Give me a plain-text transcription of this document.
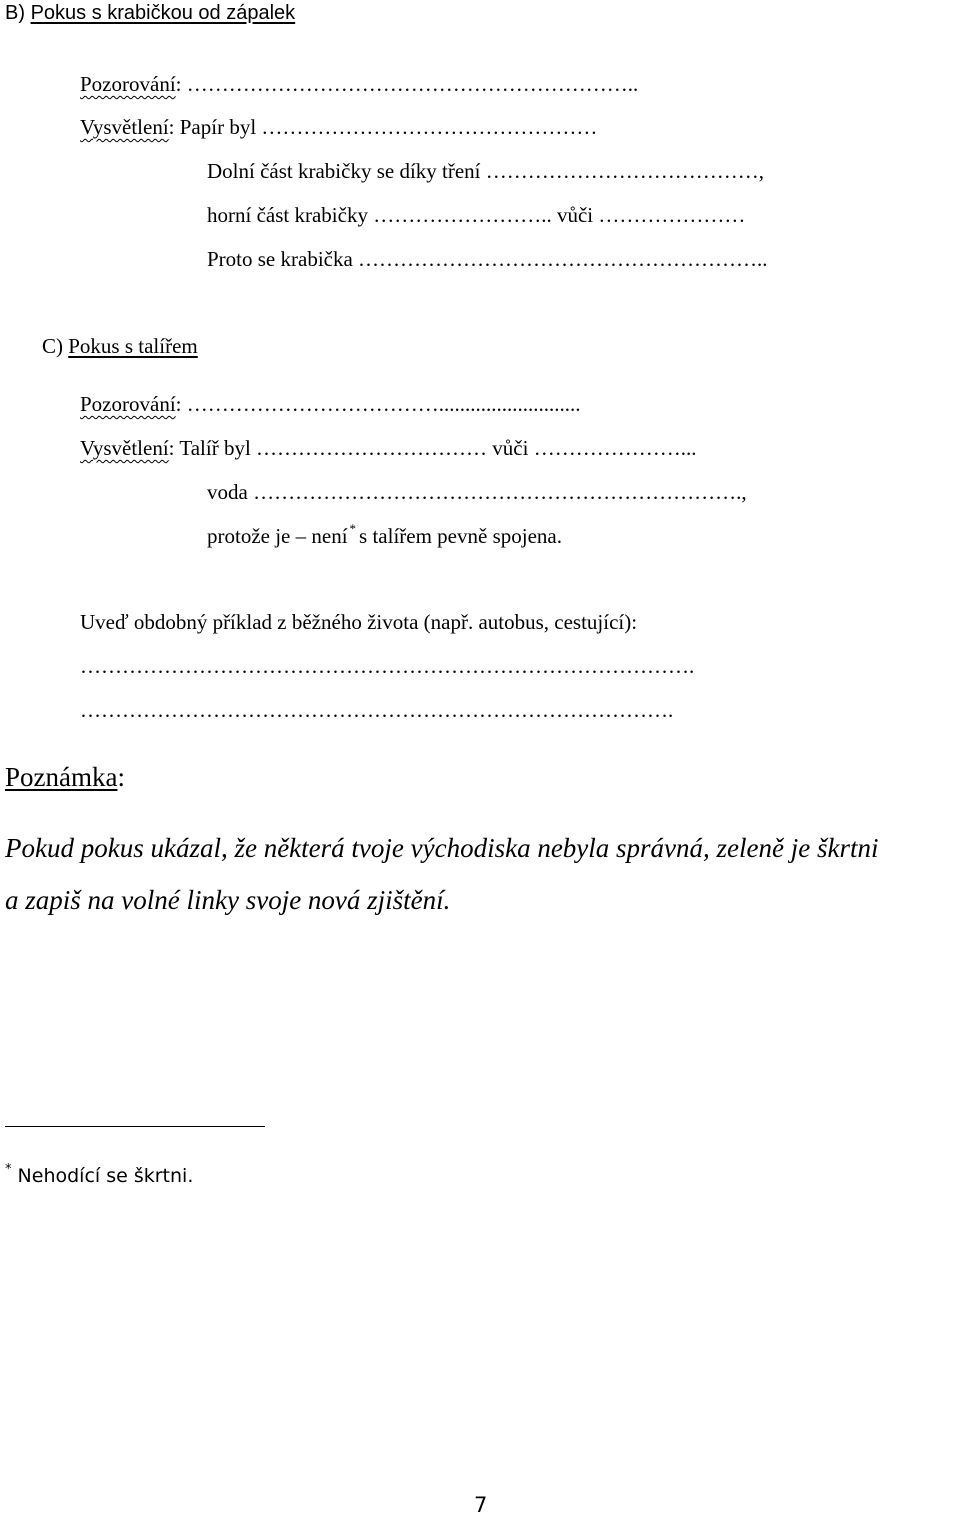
B) Pokus s krabičkou od zápalek
Pozorování: ………………………………………………………..
Vysvětlení: Papír byl …………………………………………
Dolní část krabičky se díky tření …………………………………,
horní část krabičky …………………….. vůči …………………
Proto se krabička …………………………………………………..
C) Pokus s talířem
Pozorování: ………………………………...........................
Vysvětlení: Talíř byl …………………………… vůči …………………...
voda …………………………………………………………….,
protože je – není * s talířem pevně spojena.
Uveď obdobný příklad z běžného života (např. autobus, cestující):
…………………………………………………………………………….
………………………………………………………………………….
Poznámka:
Pokud pokus ukázal, že některá tvoje východiska nebyla správná, zeleně je škrtni
a zapiš na volné linky svoje nová zjištění.
* Nehodící se škrtni.
7
